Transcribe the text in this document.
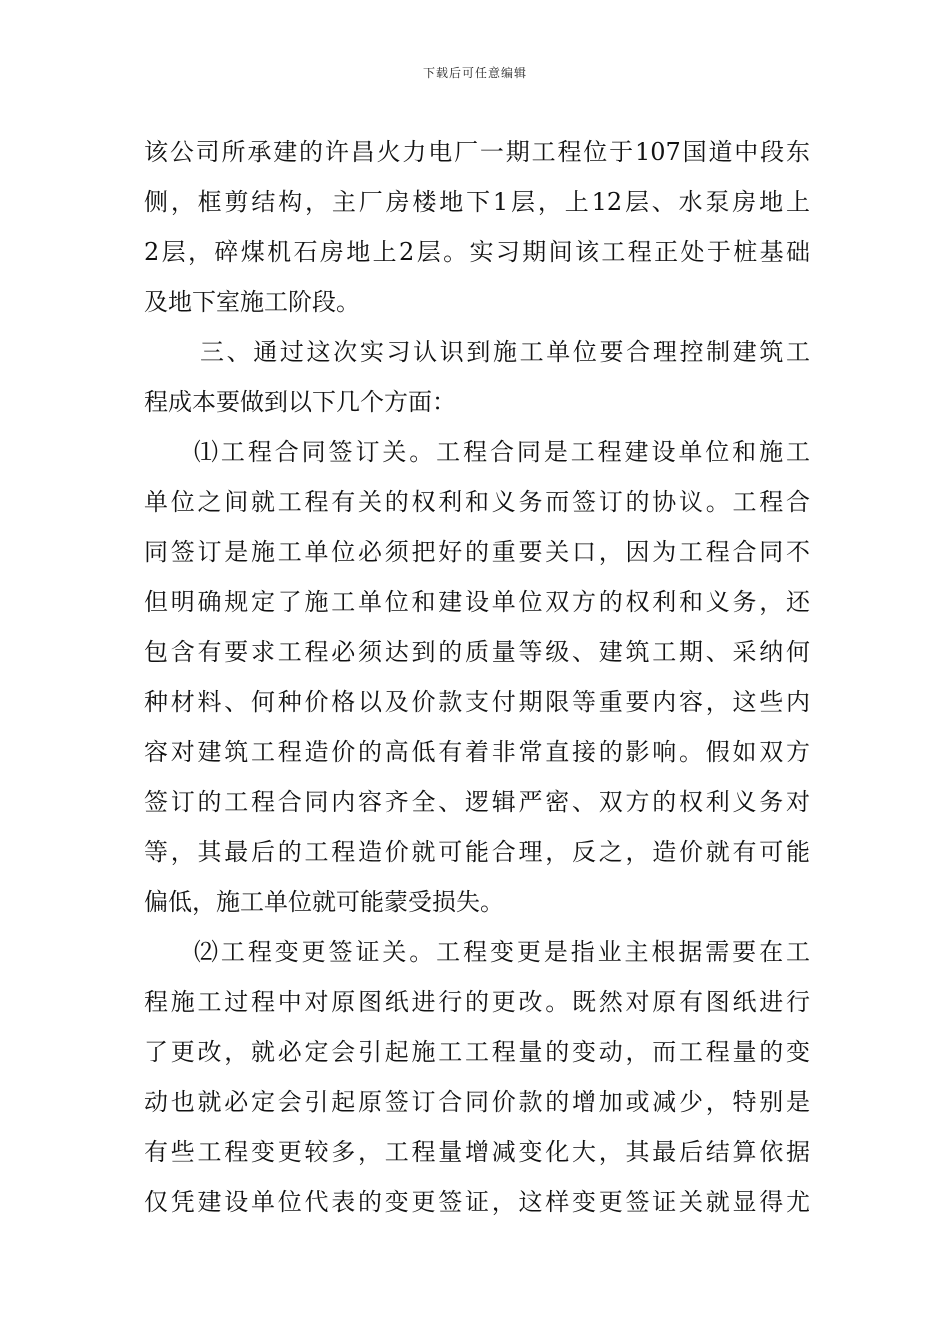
下载后可任意编辑
该公司所承建的许昌火力电厂一期工程位于107国道中段东
侧，框剪结构，主厂房楼地下1层，上12层、水泵房地上
2层，碎煤机石房地上2层。实习期间该工程正处于桩基础
及地下室施工阶段。
三、通过这次实习认识到施工单位要合理控制建筑工
程成本要做到以下几个方面：
⑴工程合同签订关。工程合同是工程建设单位和施工
单位之间就工程有关的权利和义务而签订的协议。工程合
同签订是施工单位必须把好的重要关口，因为工程合同不
但明确规定了施工单位和建设单位双方的权利和义务，还
包含有要求工程必须达到的质量等级、建筑工期、采纳何
种材料、何种价格以及价款支付期限等重要内容，这些内
容对建筑工程造价的高低有着非常直接的影响。假如双方
签订的工程合同内容齐全、逻辑严密、双方的权利义务对
等，其最后的工程造价就可能合理，反之，造价就有可能
偏低，施工单位就可能蒙受损失。
⑵工程变更签证关。工程变更是指业主根据需要在工
程施工过程中对原图纸进行的更改。既然对原有图纸进行
了更改，就必定会引起施工工程量的变动，而工程量的变
动也就必定会引起原签订合同价款的增加或减少，特别是
有些工程变更较多，工程量增减变化大，其最后结算依据
仅凭建设单位代表的变更签证，这样变更签证关就显得尤
